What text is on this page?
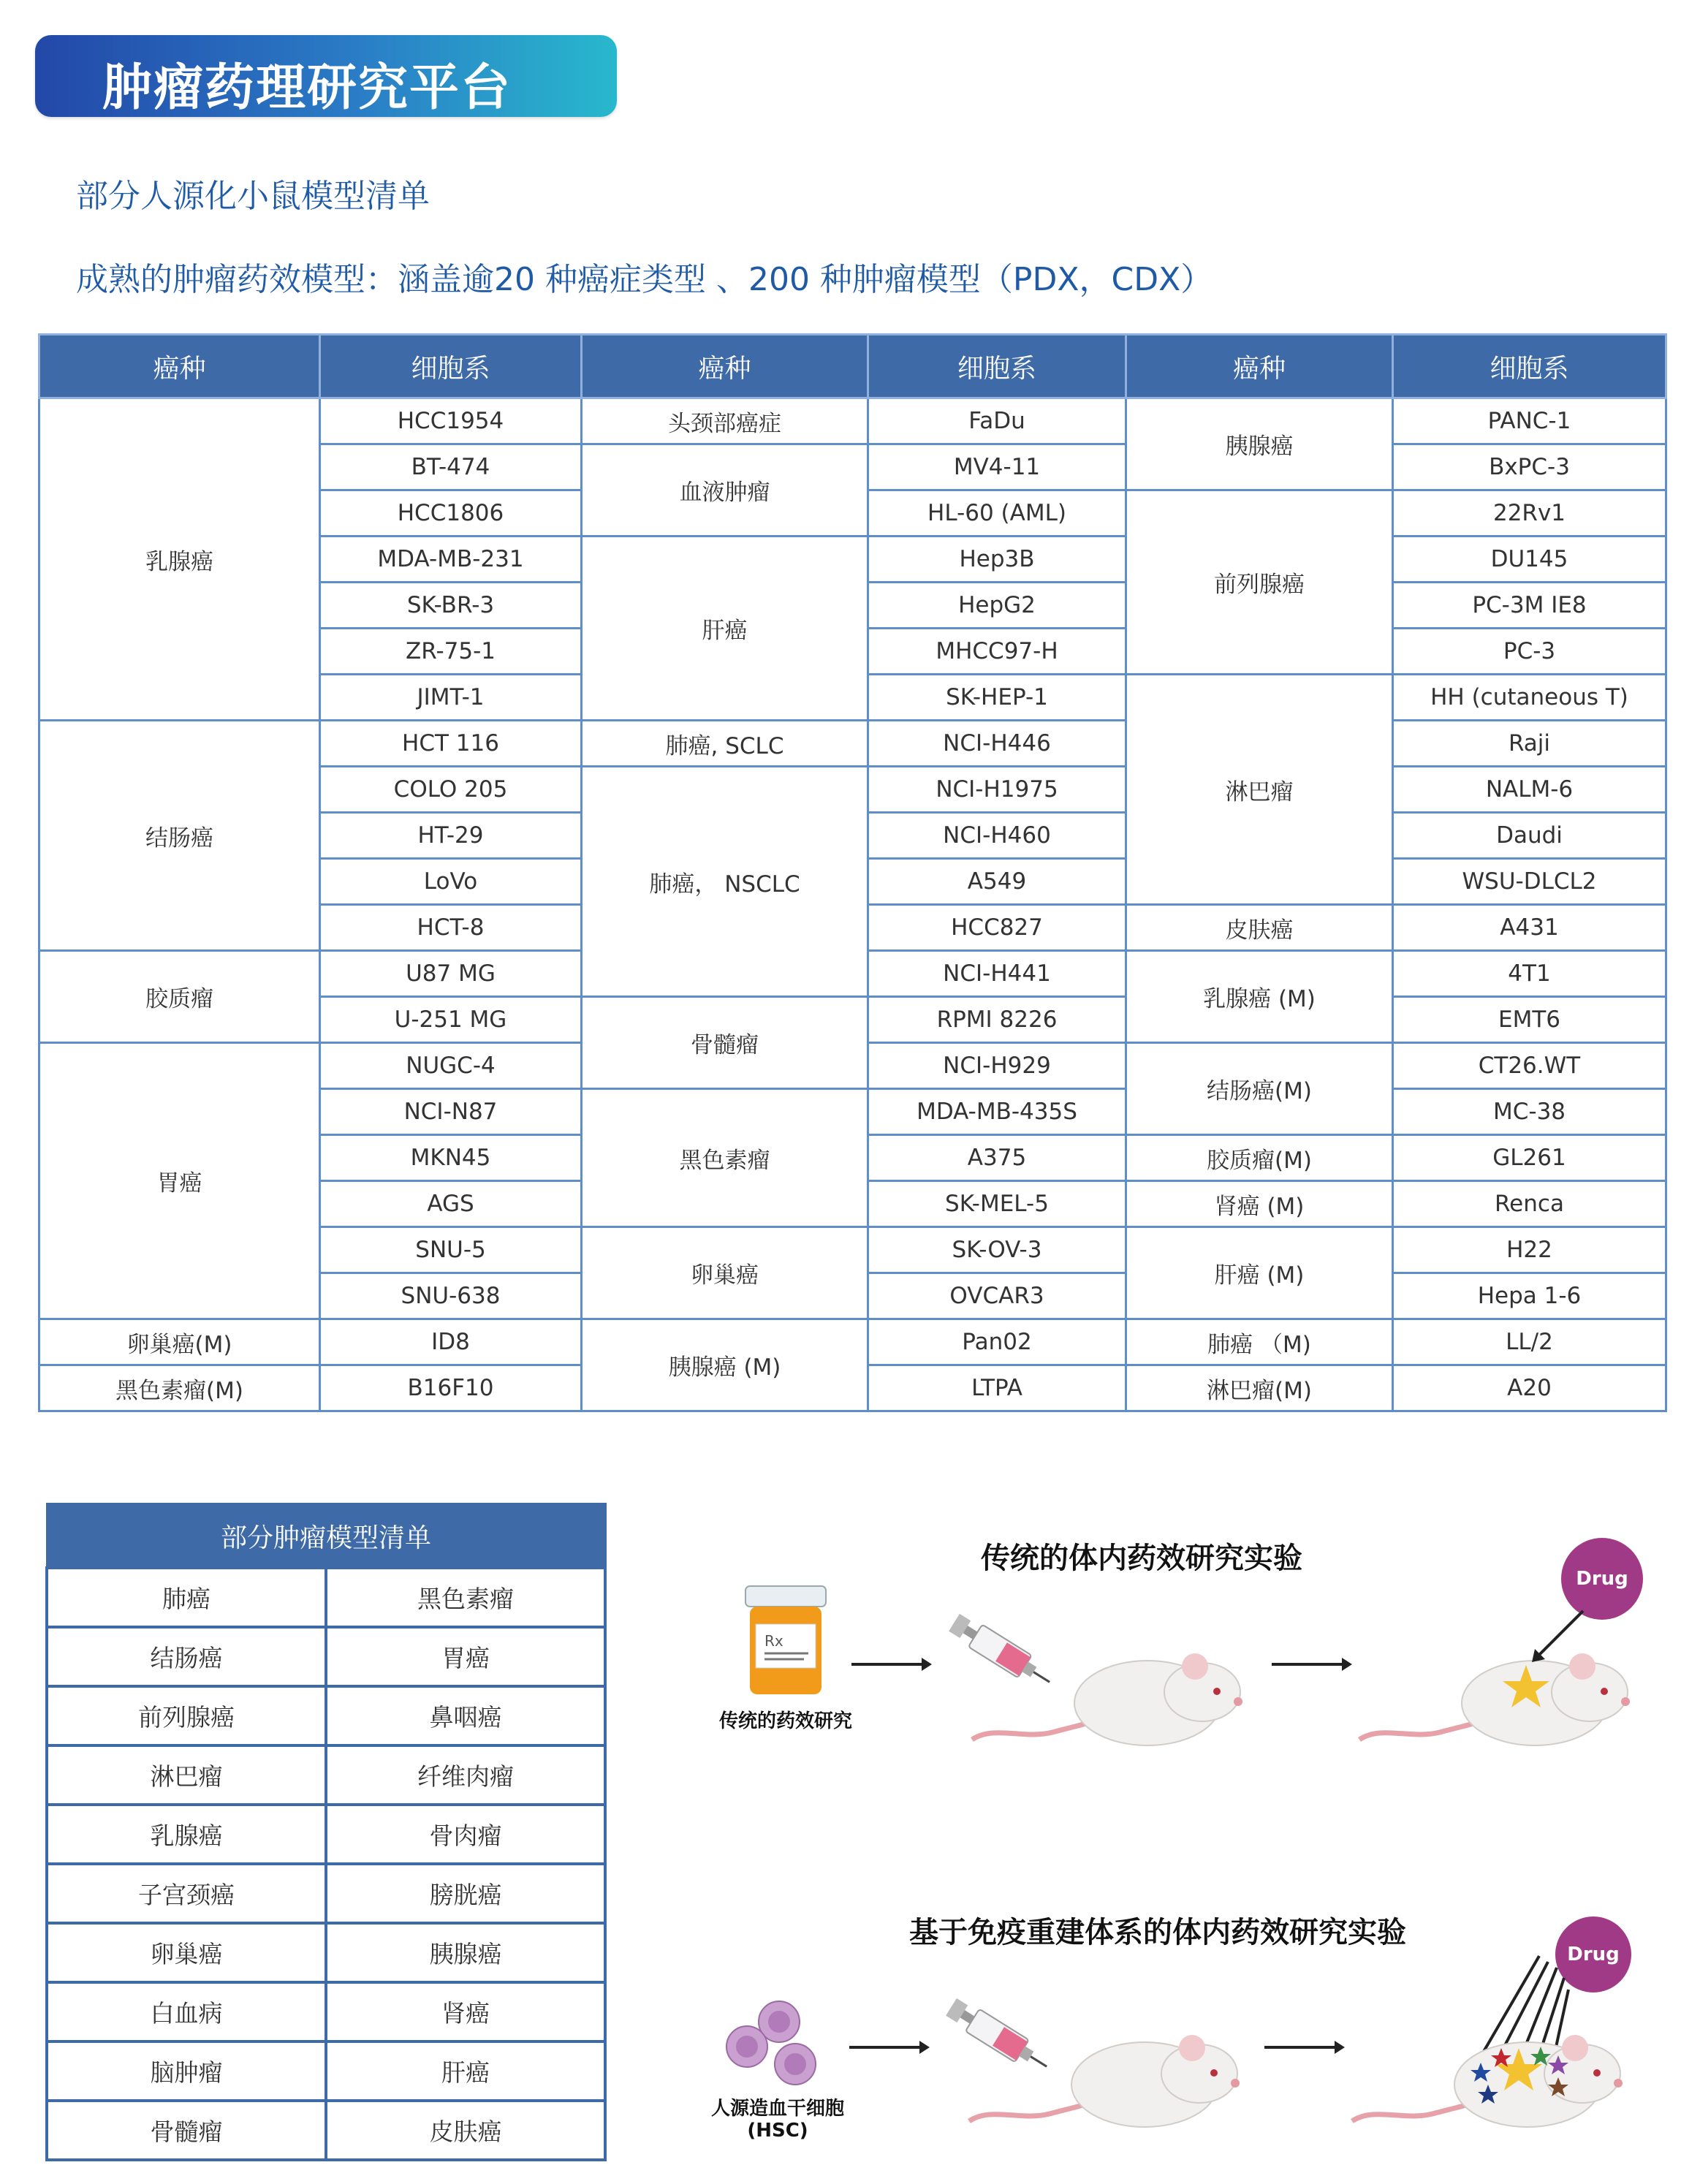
肿瘤药理研究平台
部分人源化小鼠模型清单
成熟的肿瘤药效模型：涵盖逾20 种癌症类型 、200 种肿瘤模型（PDX，CDX）
癌种	细胞系	癌种	细胞系	癌种	细胞系
乳腺癌	HCC1954	头颈部癌症	FaDu	胰腺癌	PANC-1
	BT-474	血液肿瘤	MV4-11		BxPC-3
	HCC1806		HL-60 (AML)	前列腺癌	22Rv1
	MDA-MB-231	肝癌	Hep3B		DU145
	SK-BR-3		HepG2		PC-3M IE8
	ZR-75-1		MHCC97-H		PC-3
	JIMT-1		SK-HEP-1	淋巴瘤	HH (cutaneous T)
结肠癌	HCT 116	肺癌, SCLC	NCI-H446		Raji
	COLO 205	肺癌， NSCLC	NCI-H1975		NALM-6
	HT-29		NCI-H460		Daudi
	LoVo		A549		WSU-DLCL2
	HCT-8		HCC827	皮肤癌	A431
胶质瘤	U87 MG		NCI-H441	乳腺癌 (M)	4T1
	U-251 MG	骨髓瘤	RPMI 8226		EMT6
胃癌	NUGC-4		NCI-H929	结肠癌(M)	CT26.WT
	NCI-N87	黑色素瘤	MDA-MB-435S		MC-38
	MKN45		A375	胶质瘤(M)	GL261
	AGS		SK-MEL-5	肾癌 (M)	Renca
	SNU-5	卵巢癌	SK-OV-3	肝癌 (M)	H22
	SNU-638		OVCAR3		Hepa 1-6
卵巢癌(M)	ID8	胰腺癌 (M)	Pan02	肺癌 （M)	LL/2
黑色素瘤(M)	B16F10		LTPA	淋巴瘤(M)	A20
部分肿瘤模型清单	
肺癌	黑色素瘤
结肠癌	胃癌
前列腺癌	鼻咽癌
淋巴瘤	纤维肉瘤
乳腺癌	骨肉瘤
子宫颈癌	膀胱癌
卵巢癌	胰腺癌
白血病	肾癌
脑肿瘤	肝癌
骨髓瘤	皮肤癌
传统的体内药效研究实验
Drug
Rx
传统的药效研究
基于免疫重建体系的体内药效研究实验
Drug
人源造血干细胞
(HSC)
